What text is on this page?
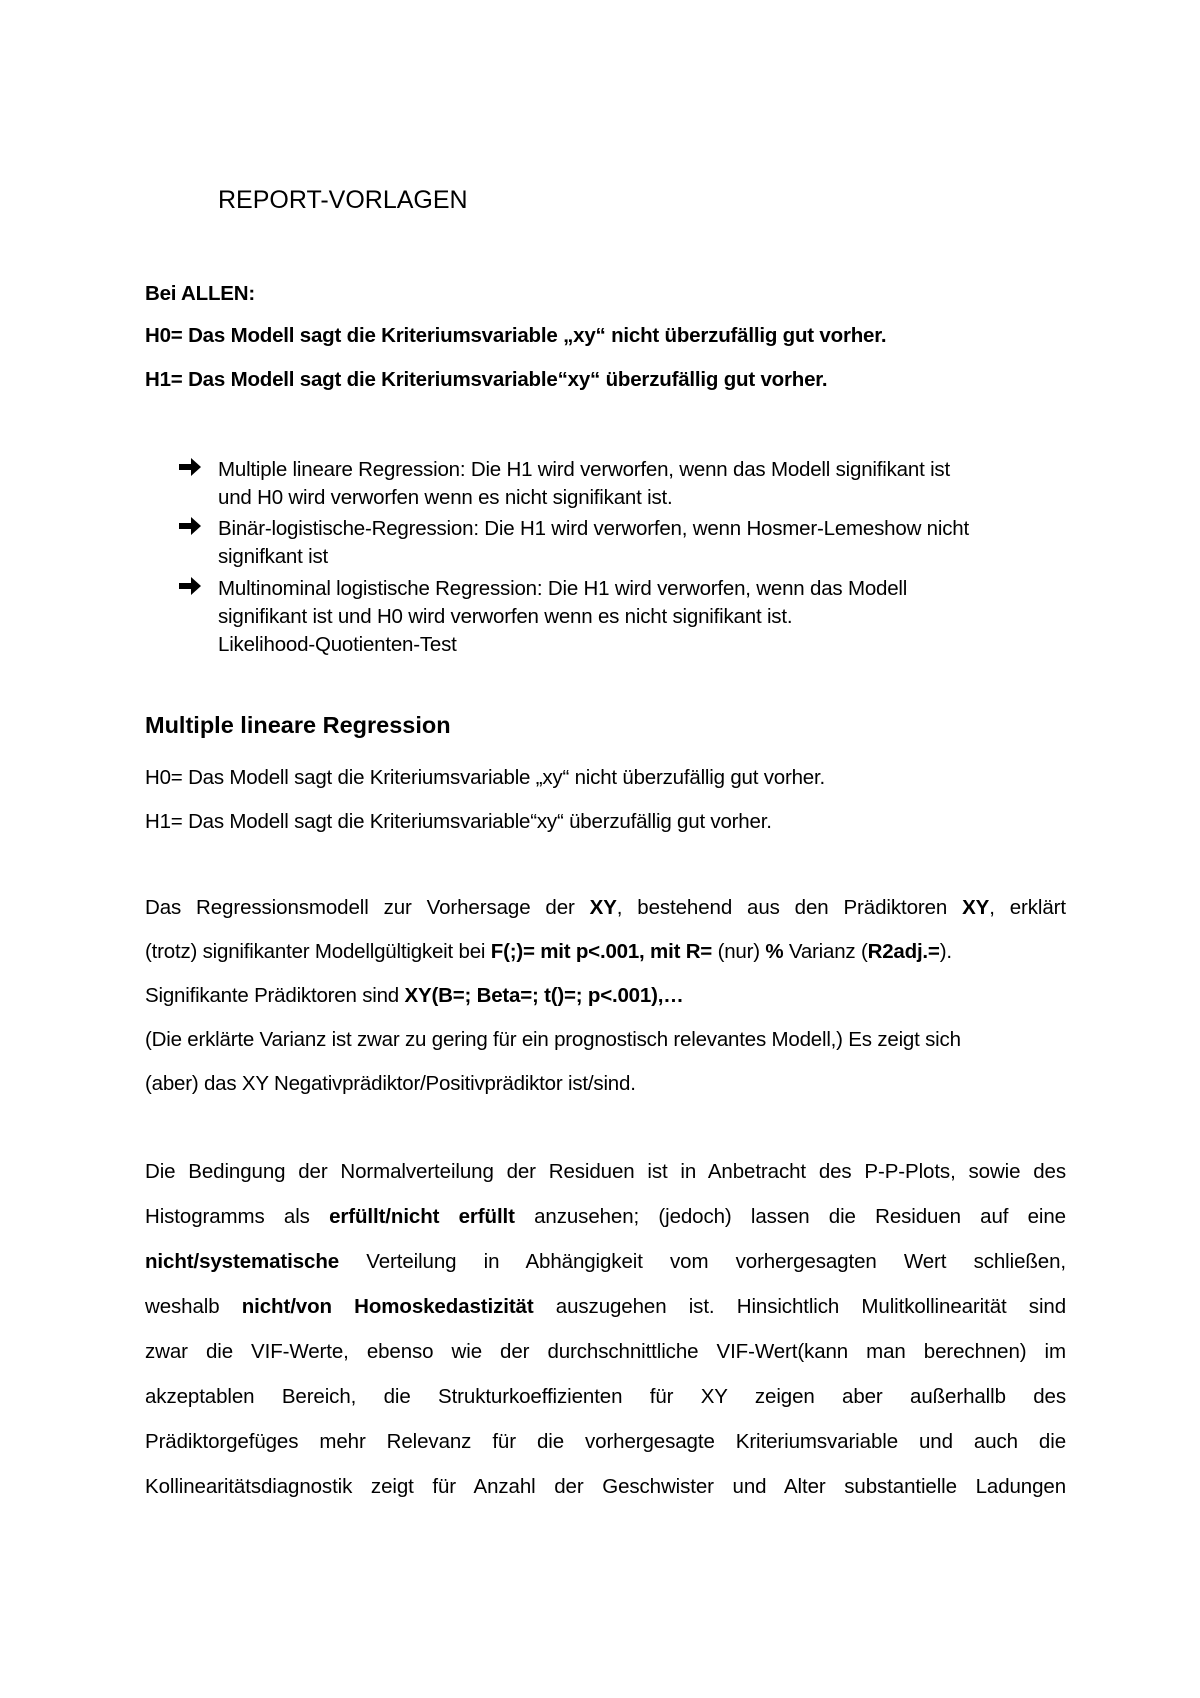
REPORT-VORLAGEN
Bei ALLEN:
H0= Das Modell sagt die Kriteriumsvariable „xy“ nicht überzufällig gut vorher.
H1= Das Modell sagt die Kriteriumsvariable“xy“ überzufällig gut vorher.
Multiple lineare Regression: Die H1 wird verworfen, wenn das Modell signifikant ist
und H0 wird verworfen wenn es nicht signifikant ist.
Binär-logistische-Regression: Die H1 wird verworfen, wenn Hosmer-Lemeshow nicht
signifkant ist
Multinominal logistische Regression: Die H1 wird verworfen, wenn das Modell
signifikant ist und H0 wird verworfen wenn es nicht signifikant ist.
Likelihood-Quotienten-Test
Multiple lineare Regression
H0= Das Modell sagt die Kriteriumsvariable „xy“ nicht überzufällig gut vorher.
H1= Das Modell sagt die Kriteriumsvariable“xy“ überzufällig gut vorher.
Das Regressionsmodell zur Vorhersage der XY, bestehend aus den Prädiktoren XY, erklärt
(trotz) signifikanter Modellgültigkeit bei F(;)= mit p<.001, mit R= (nur) % Varianz (R2adj.=).
Signifikante Prädiktoren sind XY(B=; Beta=; t()=; p<.001),…
(Die erklärte Varianz ist zwar zu gering für ein prognostisch relevantes Modell,) Es zeigt sich
(aber) das XY Negativprädiktor/Positivprädiktor ist/sind.
Die Bedingung der Normalverteilung der Residuen ist in Anbetracht des P-P-Plots, sowie des
Histogramms als erfüllt/nicht erfüllt anzusehen; (jedoch) lassen die Residuen auf eine
nicht/systematische Verteilung in Abhängigkeit vom vorhergesagten Wert schließen,
weshalb nicht/von Homoskedastizität auszugehen ist. Hinsichtlich Mulitkollinearität sind
zwar die VIF-Werte, ebenso wie der durchschnittliche VIF-Wert(kann man berechnen) im
akzeptablen Bereich, die Strukturkoeffizienten für XY zeigen aber außerhallb des
Prädiktorgefüges mehr Relevanz für die vorhergesagte Kriteriumsvariable und auch die
Kollinearitätsdiagnostik zeigt für Anzahl der Geschwister und Alter substantielle Ladungen
